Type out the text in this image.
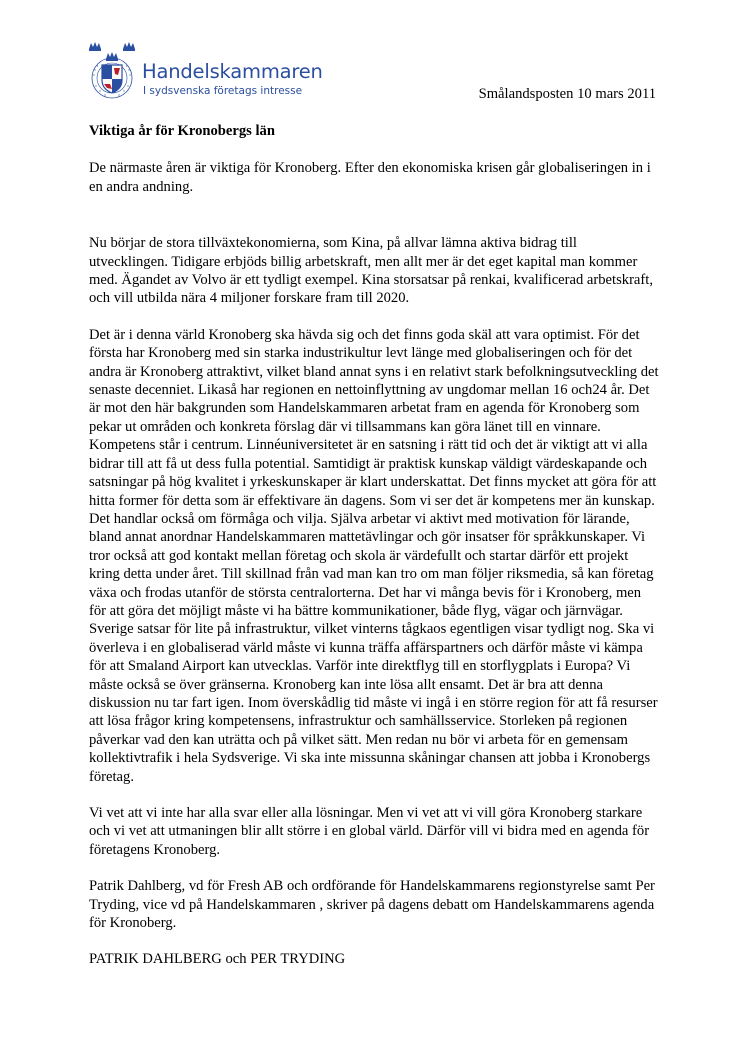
Handelskammaren
I sydsvenska företags intresse	Smålandsposten 10 mars 2011

Viktiga år för Kronobergs län

De närmaste åren är viktiga för Kronoberg. Efter den ekonomiska krisen går globaliseringen in i en andra andning.

Nu börjar de stora tillväxtekonomierna, som Kina, på allvar lämna aktiva bidrag till utvecklingen. Tidigare erbjöds billig arbetskraft, men allt mer är det eget kapital man kommer med. Ägandet av Volvo är ett tydligt exempel. Kina storsatsar på renkai, kvalificerad arbetskraft, och vill utbilda nära 4 miljoner forskare fram till 2020.

Det är i denna värld Kronoberg ska hävda sig och det finns goda skäl att vara optimist. För det första har Kronoberg med sin starka industrikultur levt länge med globaliseringen och för det andra är Kronoberg attraktivt, vilket bland annat syns i en relativt stark befolkningsutveckling det senaste decenniet. Likaså har regionen en nettoinflyttning av ungdomar mellan 16 och24 år. Det är mot den här bakgrunden som Handelskammaren arbetat fram en agenda för Kronoberg som pekar ut områden och konkreta förslag där vi tillsammans kan göra länet till en vinnare. Kompetens står i centrum. Linnéuniversitetet är en satsning i rätt tid och det är viktigt att vi alla bidrar till att få ut dess fulla potential. Samtidigt är praktisk kunskap väldigt värdeskapande och satsningar på hög kvalitet i yrkeskunskaper är klart underskattat. Det finns mycket att göra för att hitta former för detta som är effektivare än dagens. Som vi ser det är kompetens mer än kunskap. Det handlar också om förmåga och vilja. Själva arbetar vi aktivt med motivation för lärande, bland annat anordnar Handelskammaren mattetävlingar och gör insatser för språkkunskaper. Vi tror också att god kontakt mellan företag och skola är värdefullt och startar därför ett projekt kring detta under året. Till skillnad från vad man kan tro om man följer riksmedia, så kan företag växa och frodas utanför de största centralorterna. Det har vi många bevis för i Kronoberg, men för att göra det möjligt måste vi ha bättre kommunikationer, både flyg, vägar och järnvägar. Sverige satsar för lite på infrastruktur, vilket vinterns tågkaos egentligen visar tydligt nog. Ska vi överleva i en globaliserad värld måste vi kunna träffa affärspartners och därför måste vi kämpa för att Smaland Airport kan utvecklas. Varför inte direktflyg till en storflygplats i Europa? Vi måste också se över gränserna. Kronoberg kan inte lösa allt ensamt. Det är bra att denna diskussion nu tar fart igen. Inom överskådlig tid måste vi ingå i en större region för att få resurser att lösa frågor kring kompetensens, infrastruktur och samhällsservice. Storleken på regionen påverkar vad den kan uträtta och på vilket sätt. Men redan nu bör vi arbeta för en gemensam kollektivtrafik i hela Sydsverige. Vi ska inte missunna skåningar chansen att jobba i Kronobergs företag.

Vi vet att vi inte har alla svar eller alla lösningar. Men vi vet att vi vill göra Kronoberg starkare och vi vet att utmaningen blir allt större i en global värld. Därför vill vi bidra med en agenda för företagens Kronoberg.

Patrik Dahlberg, vd för Fresh AB och ordförande för Handelskammarens regionstyrelse samt Per Tryding, vice vd på Handelskammaren , skriver på dagens debatt om Handelskammarens agenda för Kronoberg.

PATRIK DAHLBERG och PER TRYDING
